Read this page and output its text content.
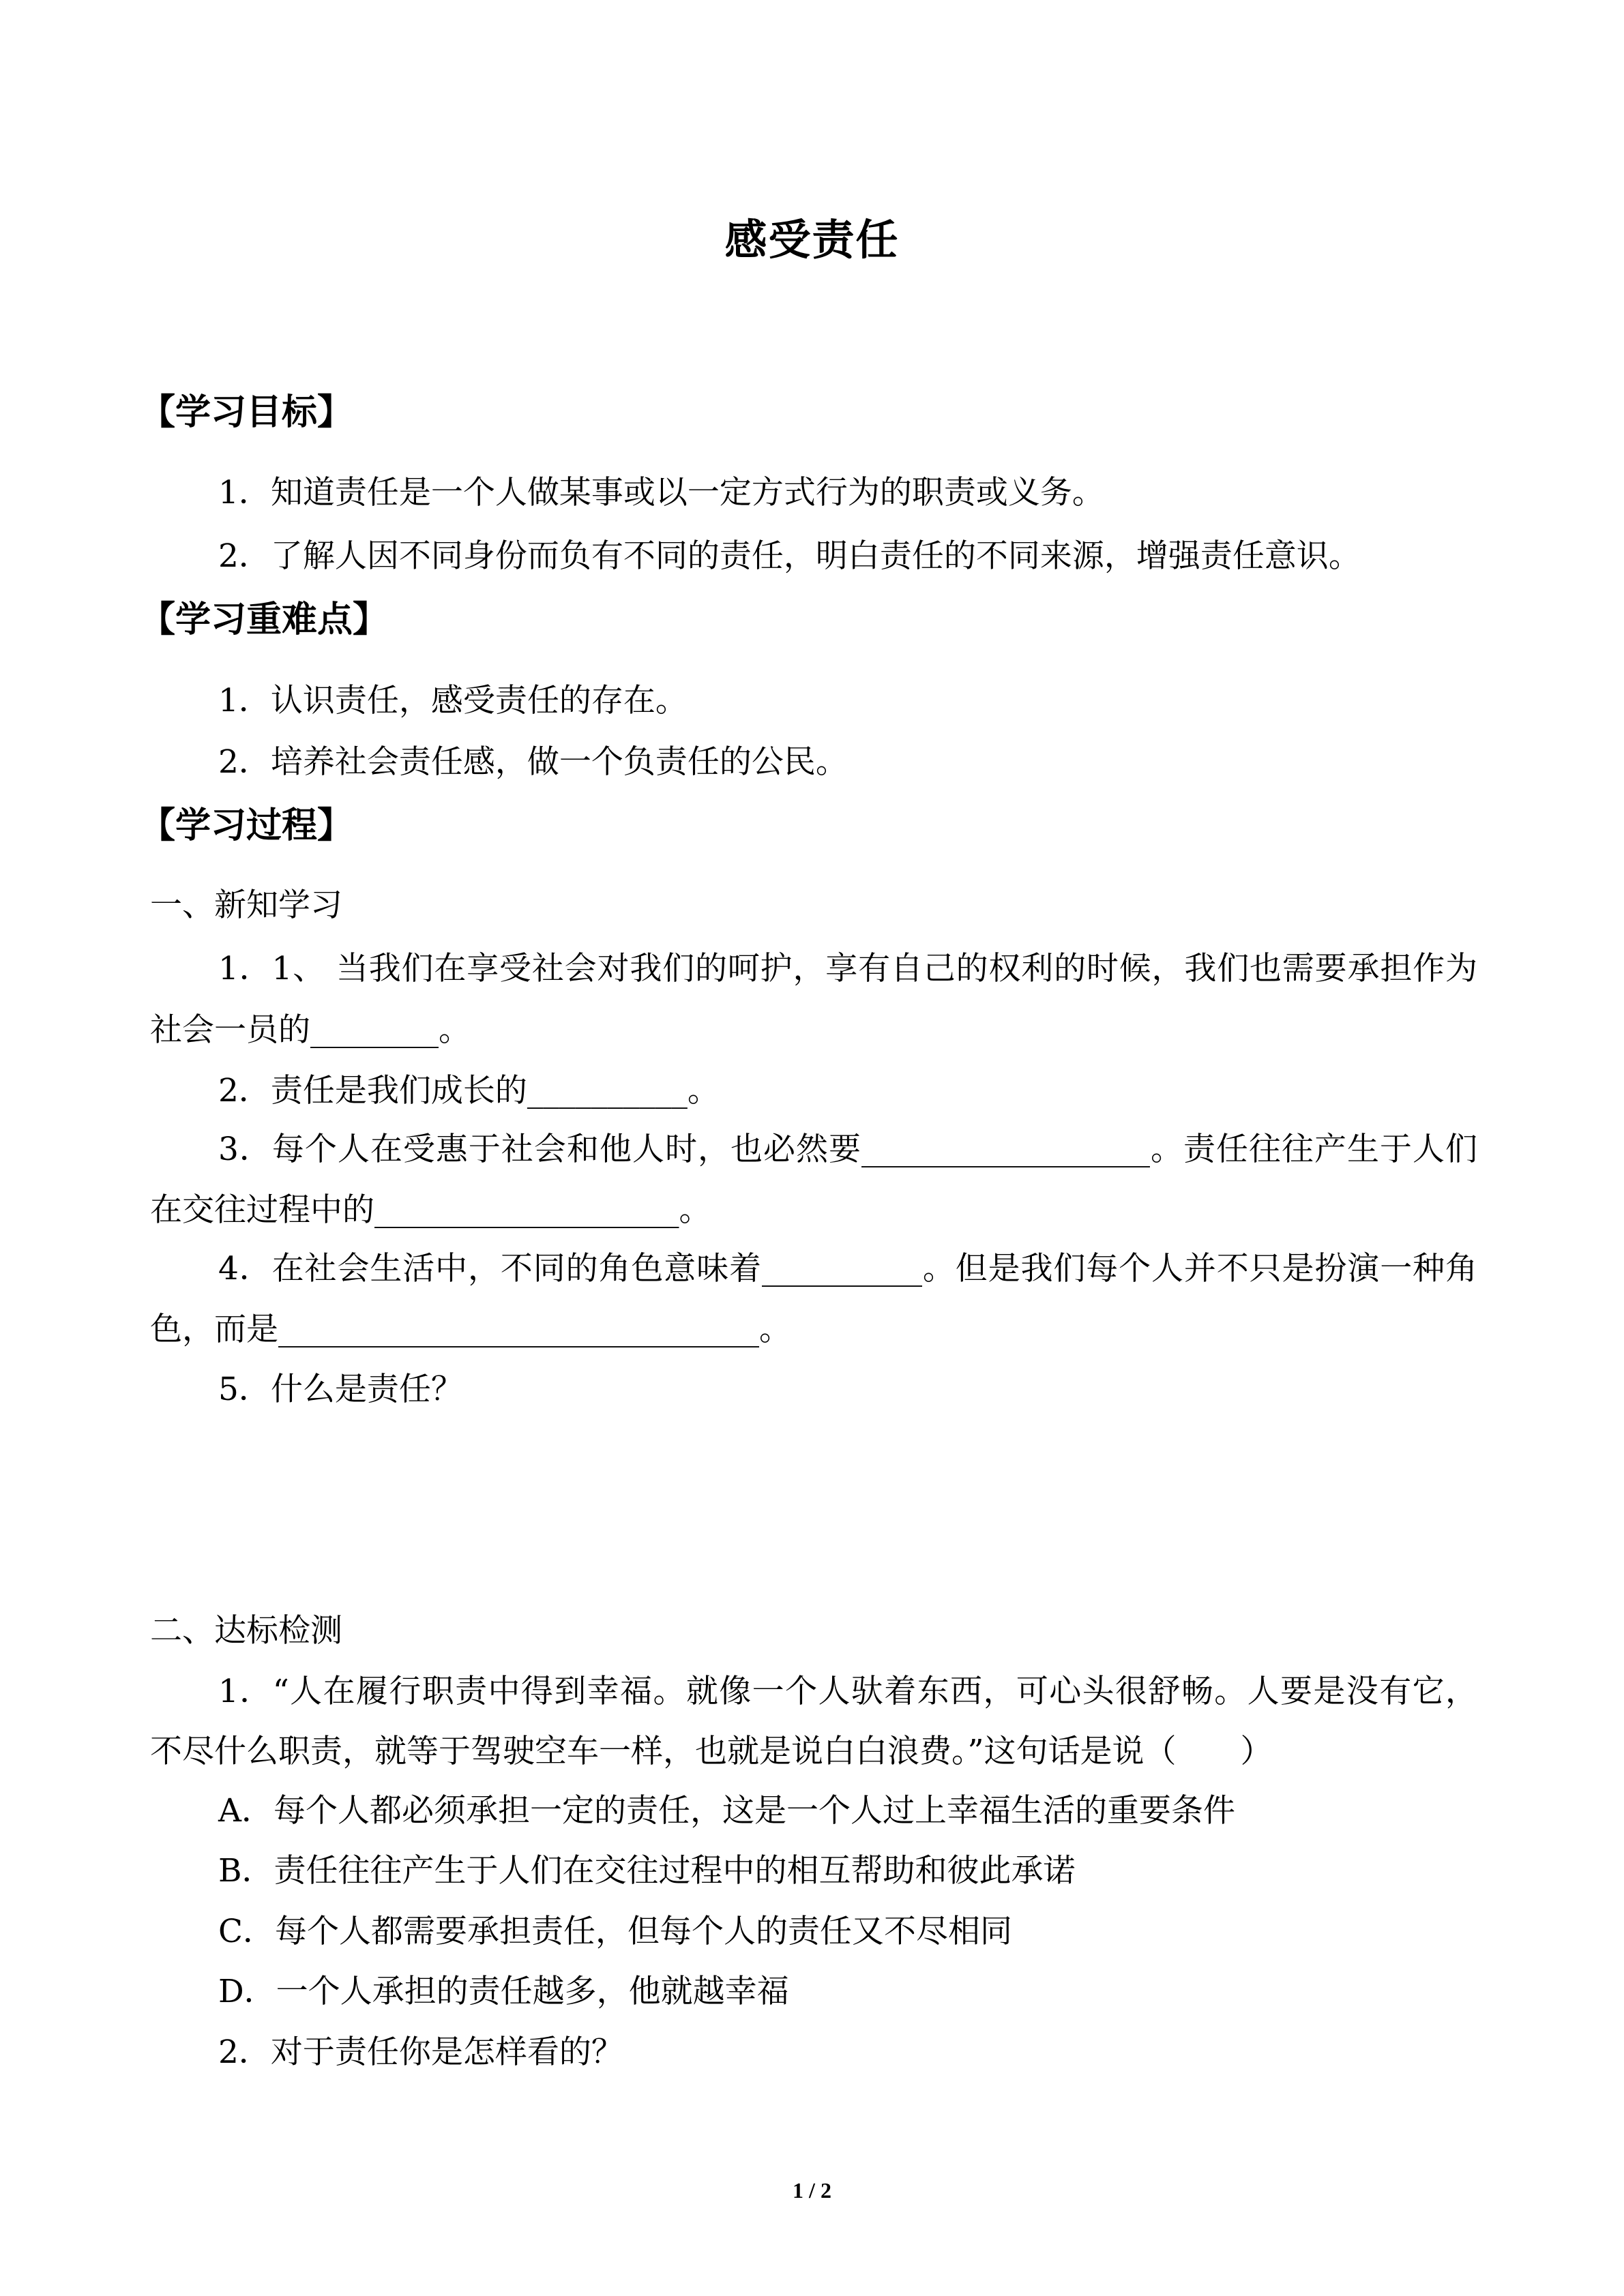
感受责任
【学习目标】
1．知道责任是一个人做某事或以一定方式行为的职责或义务。
2．了解人因不同身份而负有不同的责任，明白责任的不同来源，增强责任意识。
【学习重难点】
1．认识责任，感受责任的存在。
2．培养社会责任感，做一个负责任的公民。
【学习过程】
一、新知学习
1．1、 当我们在享受社会对我们的呵护，享有自己的权利的时候，我们也需要承担作为
社会一员的________。
2．责任是我们成长的__________。
3．每个人在受惠于社会和他人时，也必然要__________________。责任往往产生于人们
在交往过程中的___________________。
4．在社会生活中，不同的角色意味着__________。但是我们每个人并不只是扮演一种角
色，而是______________________________。
5．什么是责任？
二、达标检测
1．“人在履行职责中得到幸福。就像一个人驮着东西，可心头很舒畅。人要是没有它，
不尽什么职责，就等于驾驶空车一样，也就是说白白浪费。”这句话是说（　　）
A．每个人都必须承担一定的责任，这是一个人过上幸福生活的重要条件
B．责任往往产生于人们在交往过程中的相互帮助和彼此承诺
C．每个人都需要承担责任，但每个人的责任又不尽相同
D．一个人承担的责任越多，他就越幸福
2．对于责任你是怎样看的？
1 / 2
